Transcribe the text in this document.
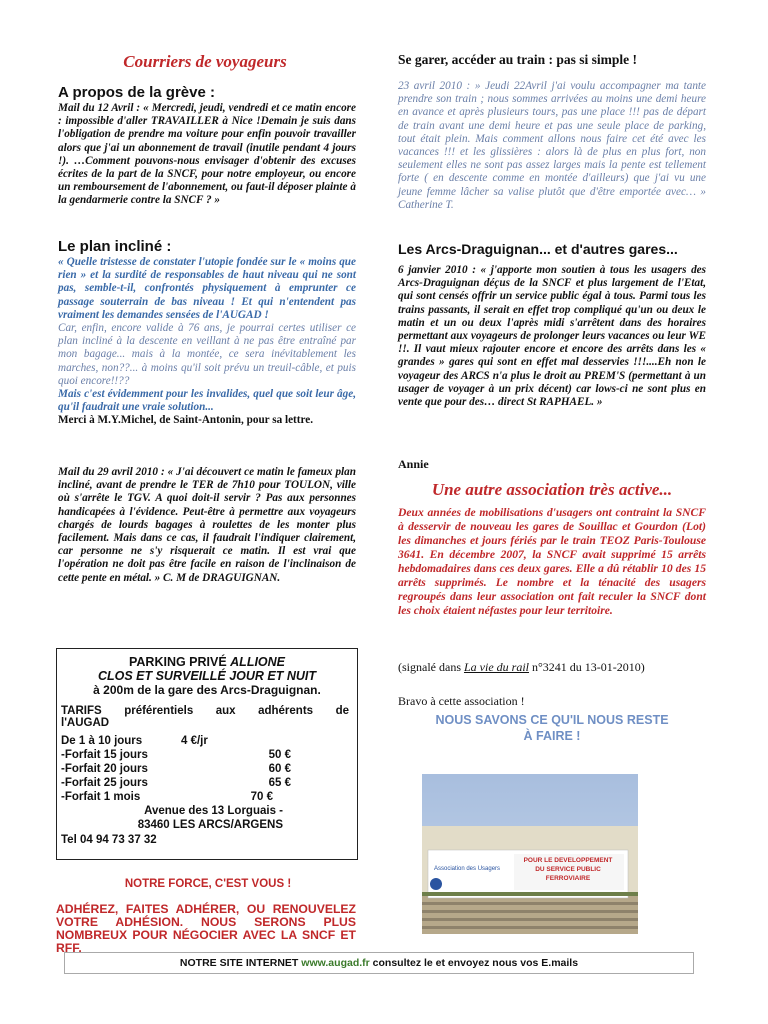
Courriers de voyageurs
A propos de la grève :

Mail du 12 Avril : « Mercredi, jeudi, vendredi et ce matin encore : impossible d'aller TRAVAILLER à Nice !Demain je suis dans l'obligation de prendre ma voiture pour enfin pouvoir travailler alors que j'ai un abonnement de travail (inutile pendant 4 jours !). …Comment pouvons-nous envisager d'obtenir des excuses écrites de la part de la SNCF, pour notre employeur, ou encore un remboursement de l'abonnement, ou faut-il déposer plainte à la gendarmerie contre la SNCF ? »

Le plan incliné :

« Quelle tristesse de constater l'utopie fondée sur le « moins que rien » et la surdité de responsables de haut niveau qui ne sont pas, semble-t-il, confrontés physiquement à emprunter ce passage souterrain de bas niveau ! Et qui n'entendent pas vraiment les demandes sensées de l'AUGAD !

Car, enfin, encore valide à 76 ans, je pourrai certes utiliser ce plan incliné à la descente en veillant à ne pas être entraîné par mon bagage... mais à la montée, ce sera inévitablement les marches, non??... à moins qu'il soit prévu un treuil-câble, et puis quoi encore!!??

Mais c'est évidemment pour les invalides, quel que soit leur âge, qu'il faudrait une vraie solution...

Merci à M.Y.Michel, de Saint-Antonin, pour sa lettre.

Mail du 29 avril 2010 : « J'ai découvert ce matin le fameux plan incliné, avant de prendre le TER de 7h10 pour TOULON, ville où s'arrête le TGV. A quoi doit-il servir ? Pas aux personnes handicapées à l'évidence. Peut-être à permettre aux voyageurs chargés de lourds bagages à roulettes de les monter plus facilement. Mais dans ce cas, il faudrait l'indiquer clairement, car personne ne s'y risquerait ce matin. Il est vrai que l'opération ne doit pas être facile en raison de l'inclinaison de cette pente en métal. » C. M de DRAGUIGNAN.

PARKING PRIVÉ ALLIONE
CLOS ET SURVEILLÉ JOUR ET NUIT
à 200m de la gare des Arcs-Draguignan.
TARIFS préférentiels aux adhérents de
l'AUGAD
De 1 à 10 jours	4 €/jr
-Forfait 15 jours	50 €
-Forfait 20 jours	60 €
-Forfait 25 jours	65 €
-Forfait 1 mois	70 €
Avenue des 13 Lorguais -
83460 LES ARCS/ARGENS
Tel 04 94 73 37 32
NOTRE FORCE, C'EST VOUS !
ADHÉREZ, FAITES ADHÉRER, OU RENOUVELEZ VOTRE ADHÉSION. NOUS SERONS PLUS NOMBREUX POUR NÉGOCIER AVEC LA SNCF ET RFF.
Se garer, accéder au train : pas si simple !

23 avril 2010 : » Jeudi 22Avril j'ai voulu accompagner ma tante prendre son train ; nous sommes arrivées au moins une demi heure en avance et après plusieurs tours, pas une place !!! pas de départ de train avant une demi heure et pas une seule place de parking, tout était plein. Mais comment allons nous faire cet été avec les vacances !!! et les glissières : alors là de plus en plus fort, non seulement elles ne sont pas assez larges mais la pente est tellement forte ( en descente comme en montée d'ailleurs) que j'ai vu une jeune femme lâcher sa valise plutôt que d'être emportée avec… » Catherine T.

Les Arcs-Draguignan... et d'autres gares...

6 janvier 2010 : « j'apporte mon soutien à tous les usagers des Arcs-Draguignan déçus de la SNCF et plus largement de l'Etat, qui sont censés offrir un service public égal à tous. Parmi tous les trains passants, il serait en effet trop compliqué qu'un ou deux le matin et un ou deux l'après midi s'arrêtent dans des horaires permettant aux voyageurs de prolonger leurs vacances ou leur WE !!. Il vaut mieux rajouter encore et encore des arrêts dans les « grandes » gares qui sont en effet mal desservies !!!....Eh non le voyageur des ARCS n'a plus le droit au PREM'S (permettant à un usager de voyager à un prix décent) car lows-ci ne sont plus en vente que pour des… direct St RAPHAEL. »

Annie
Une autre association très active...

Deux années de mobilisations d'usagers ont contraint la SNCF à desservir de nouveau les gares de Souillac et Gourdon (Lot) les dimanches et jours fériés par le train TEOZ Paris-Toulouse 3641. En décembre 2007, la SNCF avait supprimé 15 arrêts hebdomadaires dans ces deux gares. Elle a dû rétablir 10 des 15 arrêts supprimés. Le nombre et la ténacité des usagers regroupés dans leur association ont fait reculer la SNCF dont les choix étaient néfastes pour leur territoire.

(signalé dans La vie du rail n°3241 du 13-01-2010)
Bravo à cette association !
NOUS SAVONS CE QU'IL NOUS RESTE
À FAIRE !
Association des Usagers
POUR LE DEVELOPPEMENT
DU SERVICE PUBLIC
FERROVIAIRE
NOTRE SITE INTERNET www.augad.fr consultez le et envoyez nous vos E.mails
